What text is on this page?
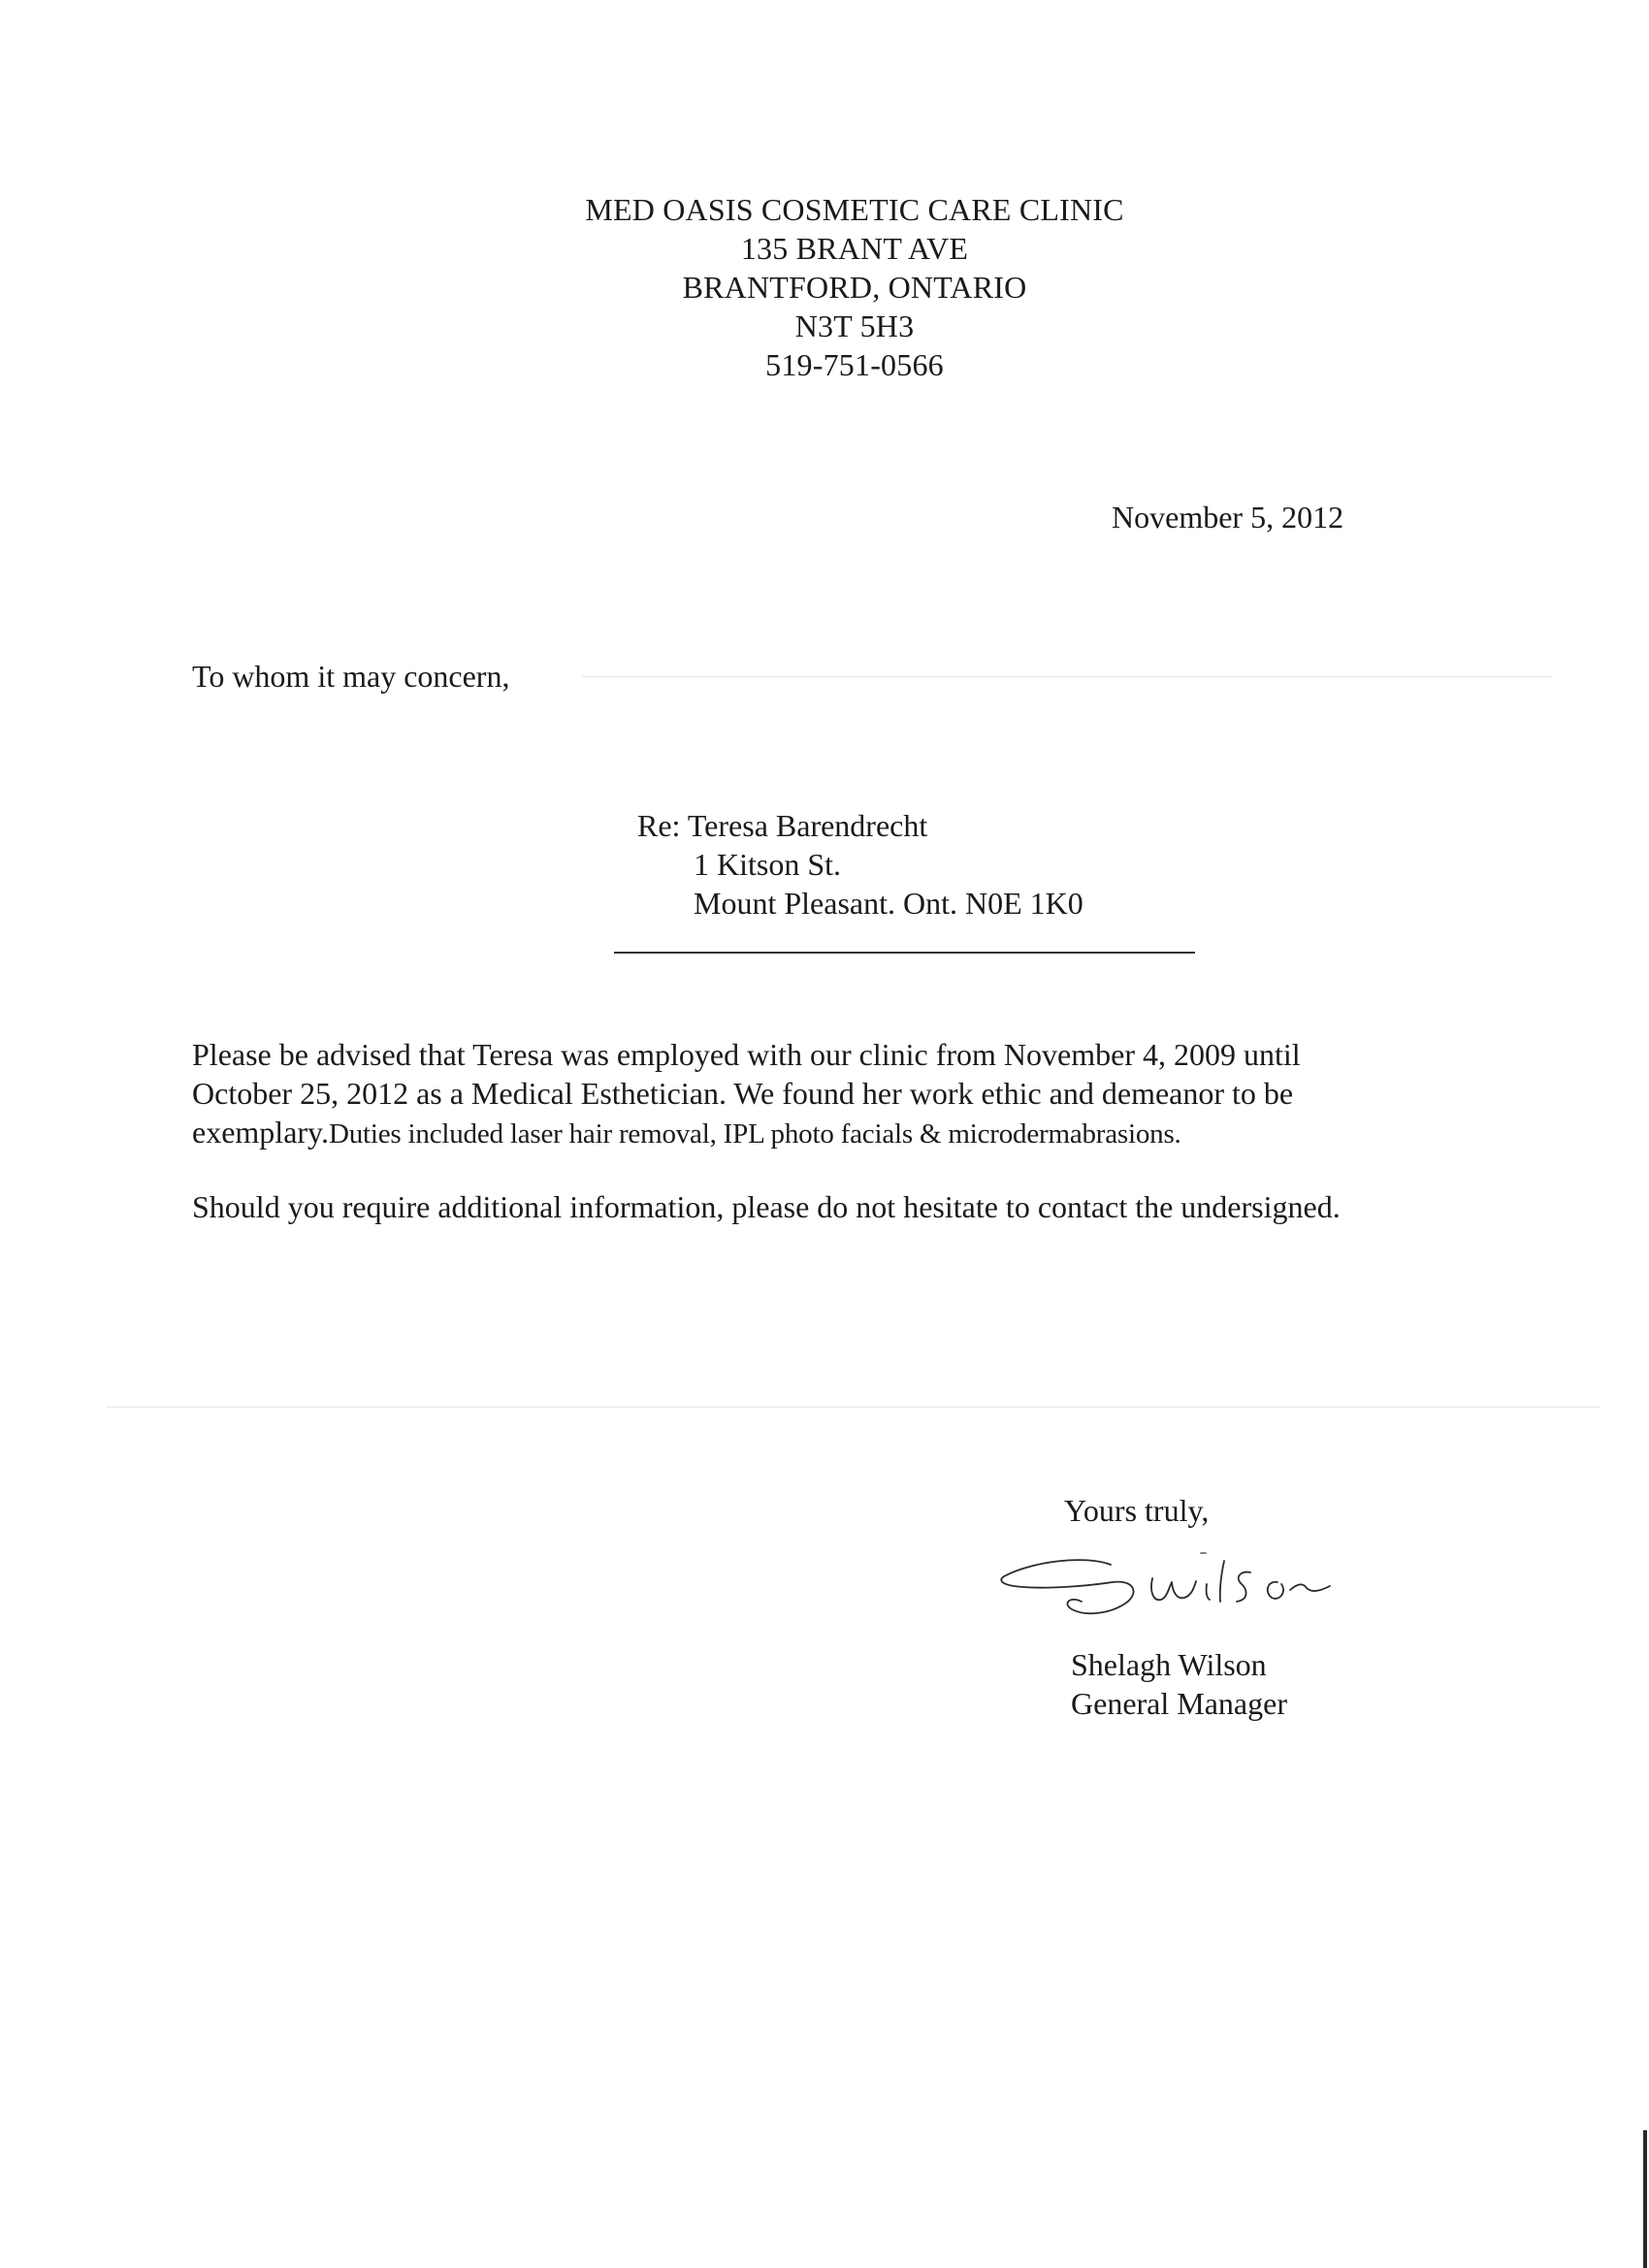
MED OASIS COSMETIC CARE CLINIC
135 BRANT AVE
BRANTFORD, ONTARIO
N3T 5H3
519-751-0566
November 5, 2012
To whom it may concern,
Re: Teresa Barendrecht
1 Kitson St.
Mount Pleasant. Ont. N0E 1K0
Please be advised that Teresa was employed with our clinic from November 4, 2009 until
October 25, 2012 as a Medical Esthetician. We found her work ethic and demeanor to be
exemplary.Duties included laser hair removal, IPL photo facials & microdermabrasions.
Should you require additional information, please do not hesitate to contact the undersigned.
Yours truly,
Shelagh Wilson
General Manager
